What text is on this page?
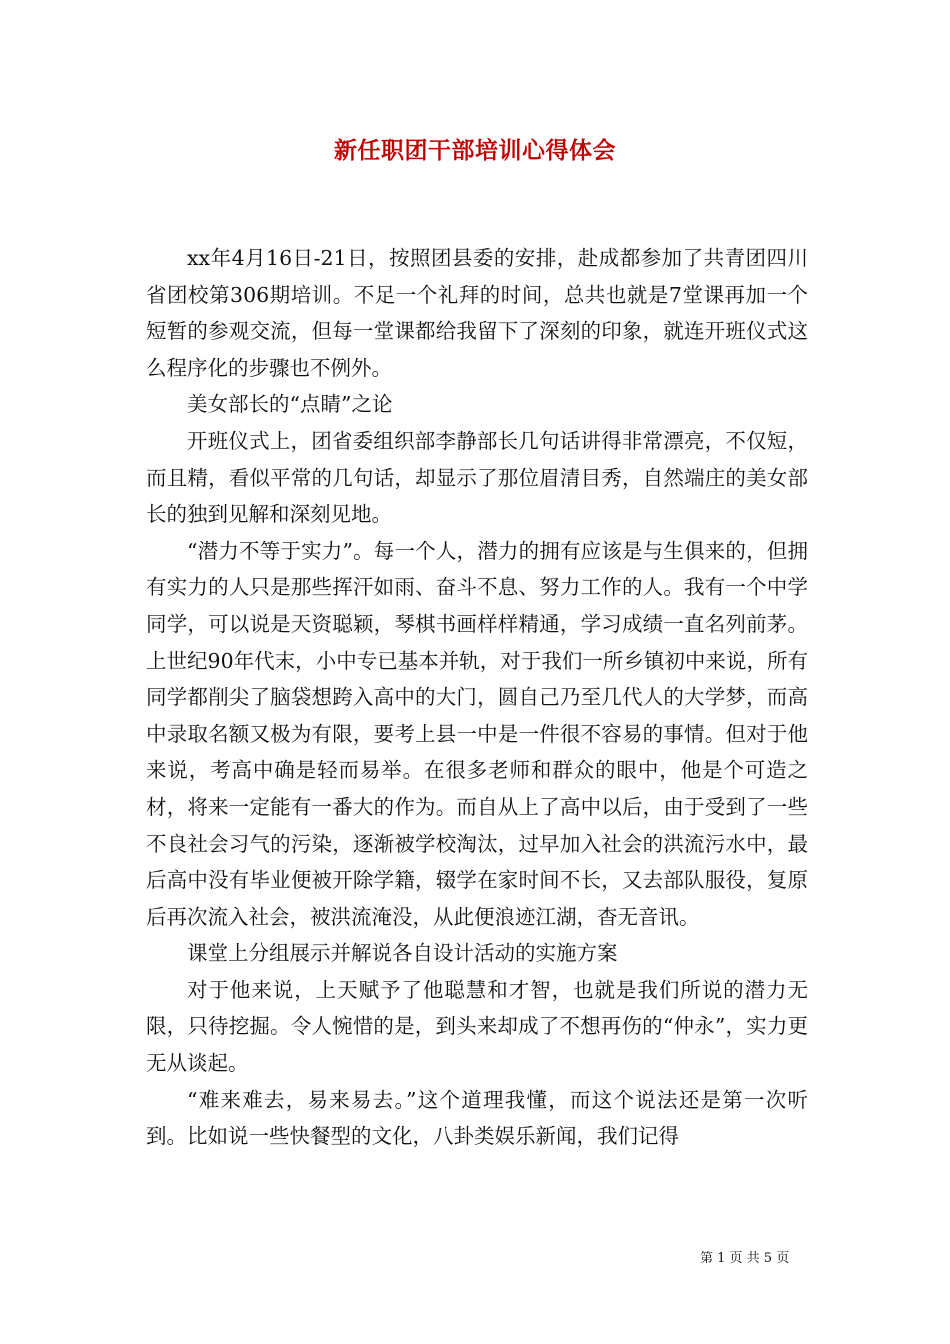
新任职团干部培训心得体会

xx年4月16日-21日，按照团县委的安排，赴成都参加了共青团四川省团校第306期培训。不足一个礼拜的时间，总共也就是7堂课再加一个短暂的参观交流，但每一堂课都给我留下了深刻的印象，就连开班仪式这么程序化的步骤也不例外。

美女部长的“点睛”之论

开班仪式上，团省委组织部李静部长几句话讲得非常漂亮，不仅短，而且精，看似平常的几句话，却显示了那位眉清目秀，自然端庄的美女部长的独到见解和深刻见地。

“潜力不等于实力”。每一个人，潜力的拥有应该是与生俱来的，但拥有实力的人只是那些挥汗如雨、奋斗不息、努力工作的人。我有一个中学同学，可以说是天资聪颖，琴棋书画样样精通，学习成绩一直名列前茅。上世纪90年代末，小中专已基本并轨，对于我们一所乡镇初中来说，所有同学都削尖了脑袋想跨入高中的大门，圆自己乃至几代人的大学梦，而高中录取名额又极为有限，要考上县一中是一件很不容易的事情。但对于他来说，考高中确是轻而易举。在很多老师和群众的眼中，他是个可造之材，将来一定能有一番大的作为。而自从上了高中以后，由于受到了一些不良社会习气的污染，逐渐被学校淘汰，过早加入社会的洪流污水中，最后高中没有毕业便被开除学籍，辍学在家时间不长，又去部队服役，复原后再次流入社会，被洪流淹没，从此便浪迹江湖，杳无音讯。

课堂上分组展示并解说各自设计活动的实施方案

对于他来说，上天赋予了他聪慧和才智，也就是我们所说的潜力无限，只待挖掘。令人惋惜的是，到头来却成了不想再伤的“仲永”，实力更无从谈起。

“难来难去，易来易去。”这个道理我懂，而这个说法还是第一次听到。比如说一些快餐型的文化，八卦类娱乐新闻，我们记得

第 1 页 共 5 页
